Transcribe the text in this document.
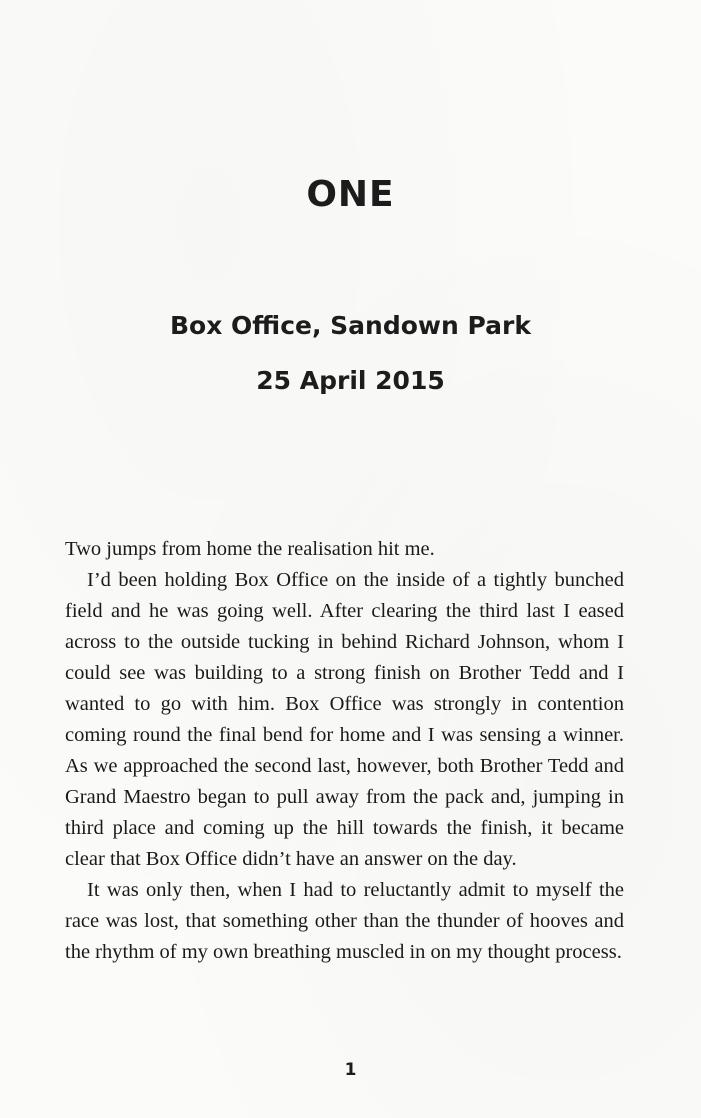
ONE
Box Office, Sandown Park
25 April 2015

Two jumps from home the realisation hit me.

I’d been holding Box Office on the inside of a tightly bunched field and he was going well. After clearing the third last I eased across to the outside tucking in behind Richard Johnson, whom I could see was building to a strong finish on Brother Tedd and I wanted to go with him. Box Office was strongly in contention coming round the final bend for home and I was sensing a winner. As we approached the second last, however, both Brother Tedd and Grand Maestro began to pull away from the pack and, jumping in third place and coming up the hill towards the finish, it became clear that Box Office didn’t have an answer on the day.

It was only then, when I had to reluctantly admit to myself the race was lost, that something other than the thunder of hooves and the rhythm of my own breathing muscled in on my thought process.

1
